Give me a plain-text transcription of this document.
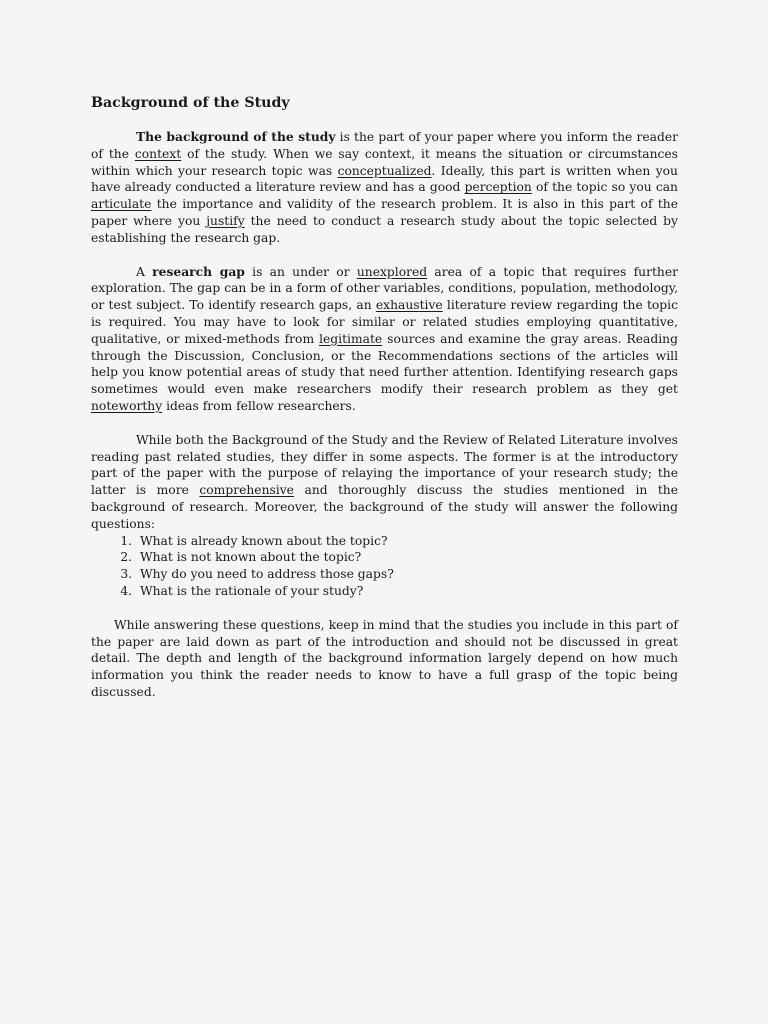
Background of the Study

The background of the study is the part of your paper where you inform the reader of the context of the study. When we say context, it means the situation or circumstances within which your research topic was conceptualized. Ideally, this part is written when you have already conducted a literature review and has a good perception of the topic so you can articulate the importance and validity of the research problem. It is also in this part of the paper where you justify the need to conduct a research study about the topic selected by establishing the research gap.

A research gap is an under or unexplored area of a topic that requires further exploration. The gap can be in a form of other variables, conditions, population, methodology, or test subject. To identify research gaps, an exhaustive literature review regarding the topic is required. You may have to look for similar or related studies employing quantitative, qualitative, or mixed-methods from legitimate sources and examine the gray areas. Reading through the Discussion, Conclusion, or the Recommendations sections of the articles will help you know potential areas of study that need further attention. Identifying research gaps sometimes would even make researchers modify their research problem as they get noteworthy ideas from fellow researchers.

While both the Background of the Study and the Review of Related Literature involves reading past related studies, they differ in some aspects. The former is at the introductory part of the paper with the purpose of relaying the importance of your research study; the latter is more comprehensive and thoroughly discuss the studies mentioned in the background of research. Moreover, the background of the study will answer the following questions:

1. What is already known about the topic?
2. What is not known about the topic?
3. Why do you need to address those gaps?
4. What is the rationale of your study?

While answering these questions, keep in mind that the studies you include in this part of the paper are laid down as part of the introduction and should not be discussed in great detail. The depth and length of the background information largely depend on how much information you think the reader needs to know to have a full grasp of the topic being discussed.
